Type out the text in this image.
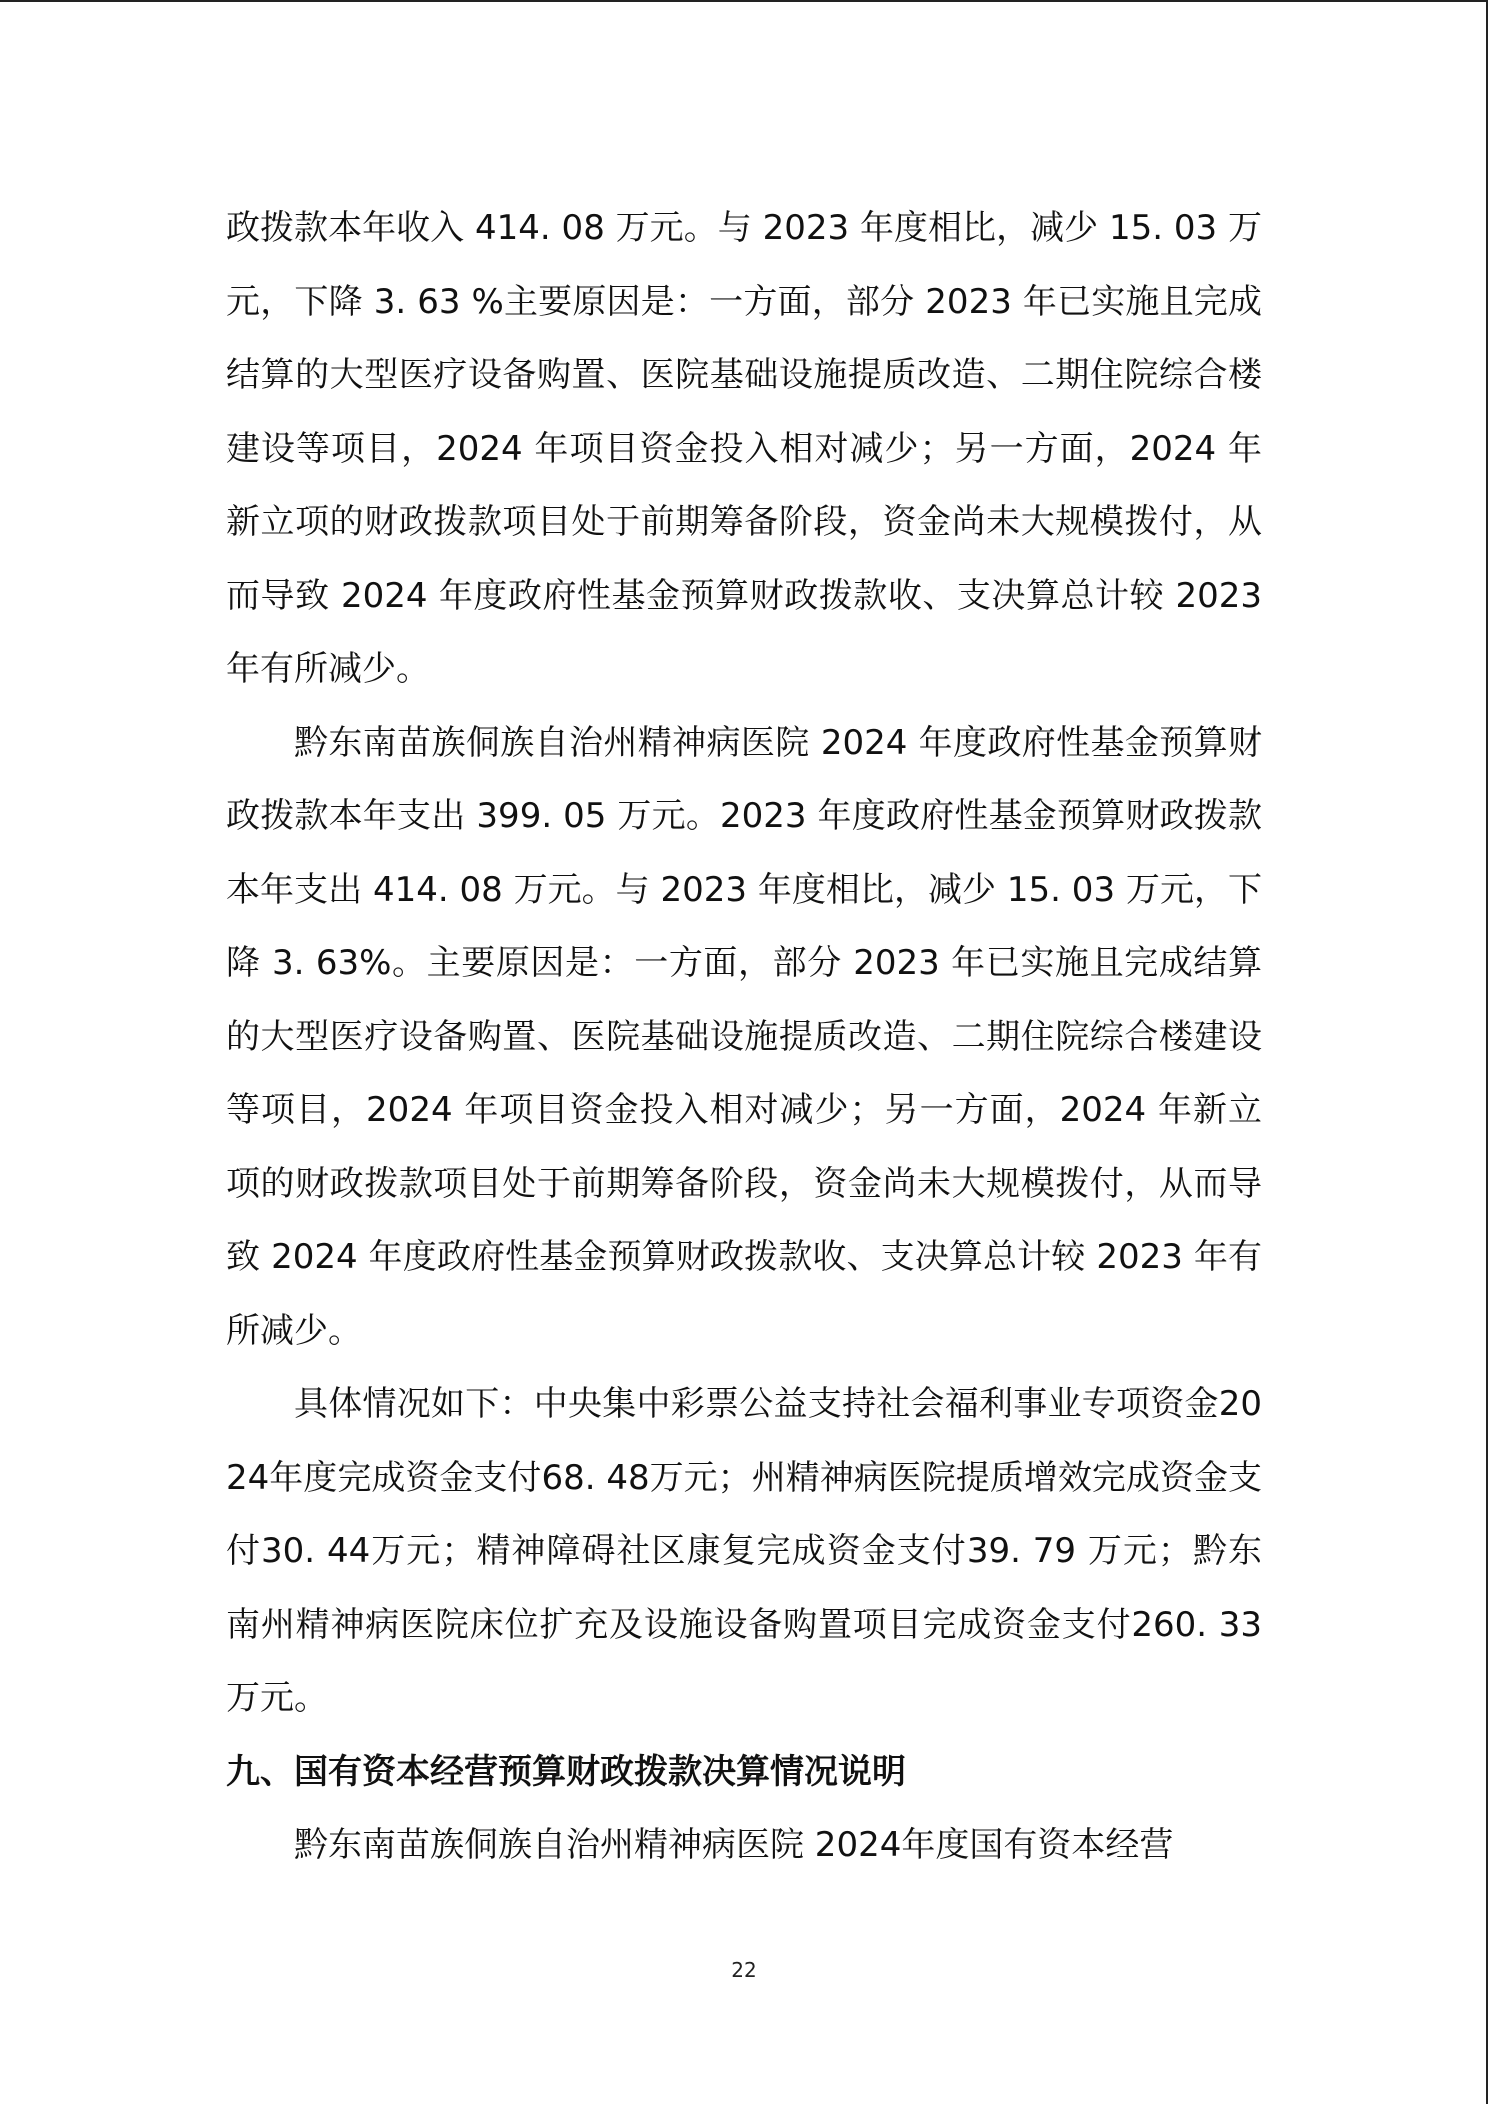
政拨款本年收入 414. 08 万元。与 2023 年度相比，减少 15. 03 万元，下降 3. 63 %主要原因是：一方面，部分 2023 年已实施且完成结算的大型医疗设备购置、医院基础设施提质改造、二期住院综合楼建设等项目，2024 年项目资金投入相对减少；另一方面，2024 年新立项的财政拨款项目处于前期筹备阶段，资金尚未大规模拨付，从而导致 2024 年度政府性基金预算财政拨款收、支决算总计较 2023 年有所减少。

黔东南苗族侗族自治州精神病医院 2024 年度政府性基金预算财政拨款本年支出 399. 05 万元。2023 年度政府性基金预算财政拨款本年支出 414. 08 万元。与 2023 年度相比，减少 15. 03 万元，下降 3. 63%。主要原因是：一方面，部分 2023 年已实施且完成结算的大型医疗设备购置、医院基础设施提质改造、二期住院综合楼建设等项目，2024 年项目资金投入相对减少；另一方面，2024 年新立项的财政拨款项目处于前期筹备阶段，资金尚未大规模拨付，从而导致 2024 年度政府性基金预算财政拨款收、支决算总计较 2023 年有所减少。

具体情况如下：中央集中彩票公益支持社会福利事业专项资金2024年度完成资金支付68. 48万元；州精神病医院提质增效完成资金支付30. 44万元；精神障碍社区康复完成资金支付39. 79 万元；黔东南州精神病医院床位扩充及设施设备购置项目完成资金支付260. 33万元。

九、国有资本经营预算财政拨款决算情况说明

黔东南苗族侗族自治州精神病医院 2024年度国有资本经营

22
